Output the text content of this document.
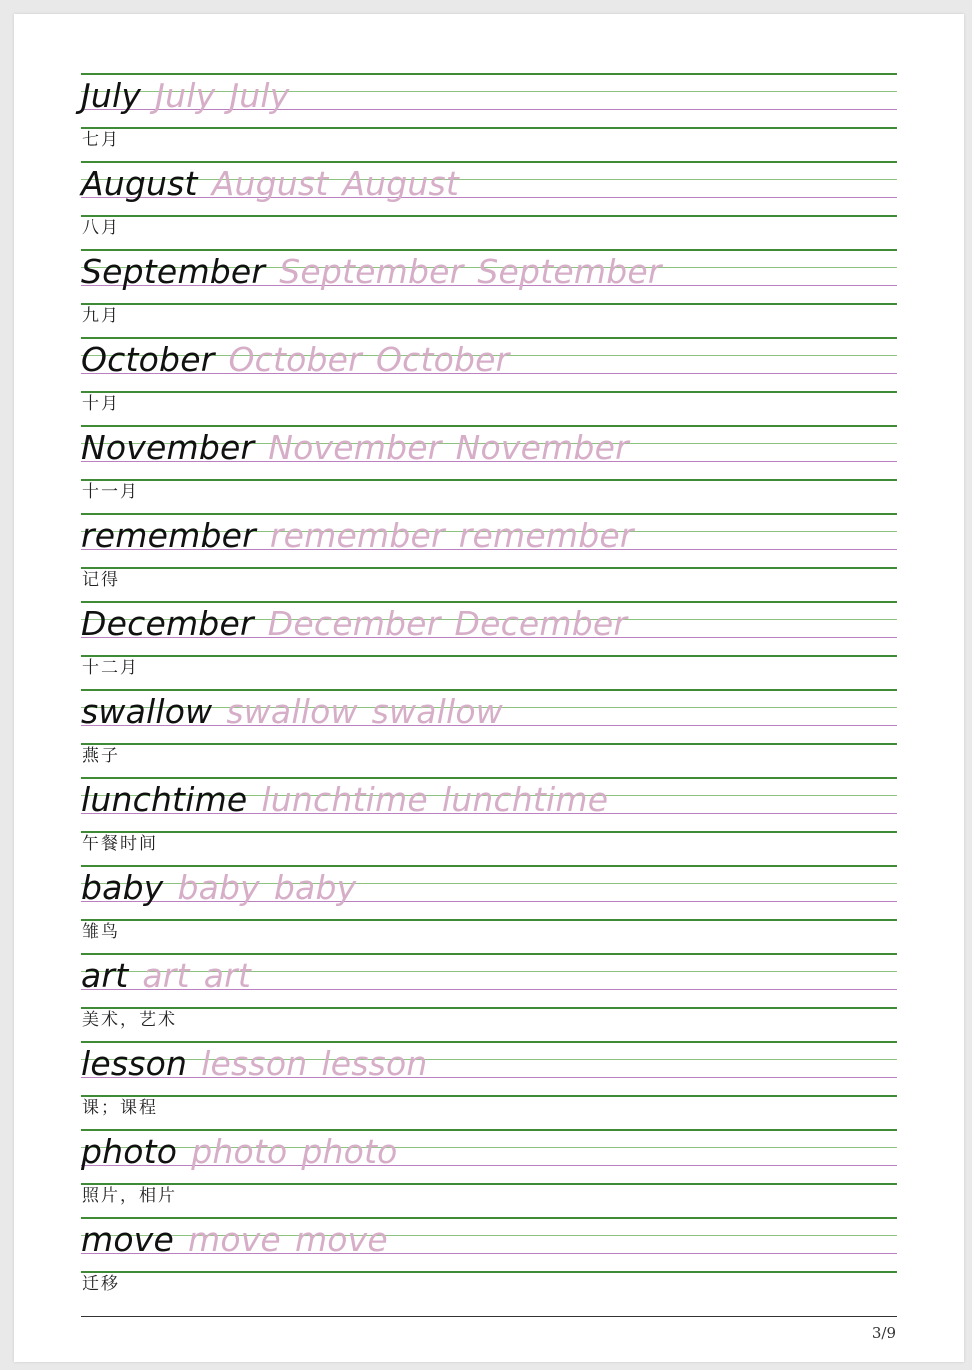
July July July
七月
August August August
八月
September September September
九月
October October October
十月
November November November
十一月
remember remember remember
记得
December December December
十二月
swallow swallow swallow
燕子
lunchtime lunchtime lunchtime
午餐时间
baby baby baby
雏鸟
art art art
美术，艺术
lesson lesson lesson
课；课程
photo photo photo
照片，相片
move move move
迁移
3/9
